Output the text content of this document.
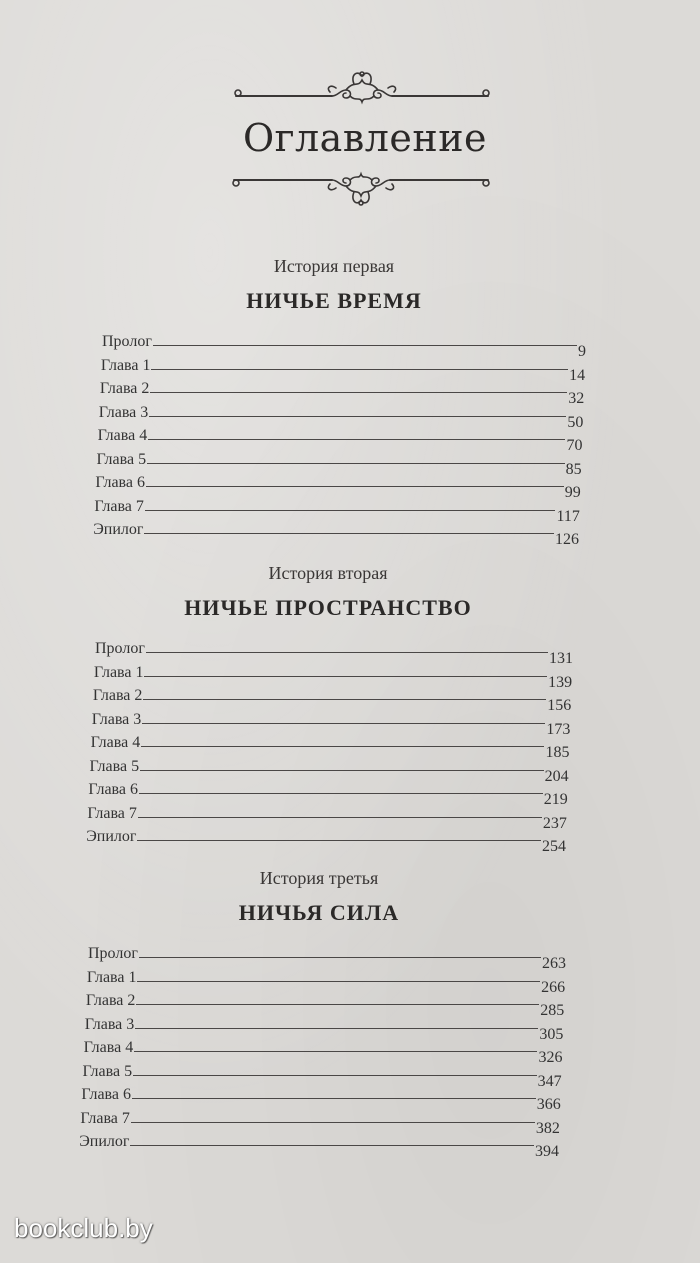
Оглавление
История первая
НИЧЬЕ ВРЕМЯ
Пролог
9
Глава 1
14
Глава 2
32
Глава 3
50
Глава 4
70
Глава 5
85
Глава 6
99
Глава 7
117
Эпилог
126
История вторая
НИЧЬЕ ПРОСТРАНСТВО
Пролог
131
Глава 1
139
Глава 2
156
Глава 3
173
Глава 4
185
Глава 5
204
Глава 6
219
Глава 7
237
Эпилог
254
История третья
НИЧЬЯ СИЛА
Пролог
263
Глава 1
266
Глава 2
285
Глава 3
305
Глава 4
326
Глава 5
347
Глава 6
366
Глава 7
382
Эпилог
394
bookclub.by
